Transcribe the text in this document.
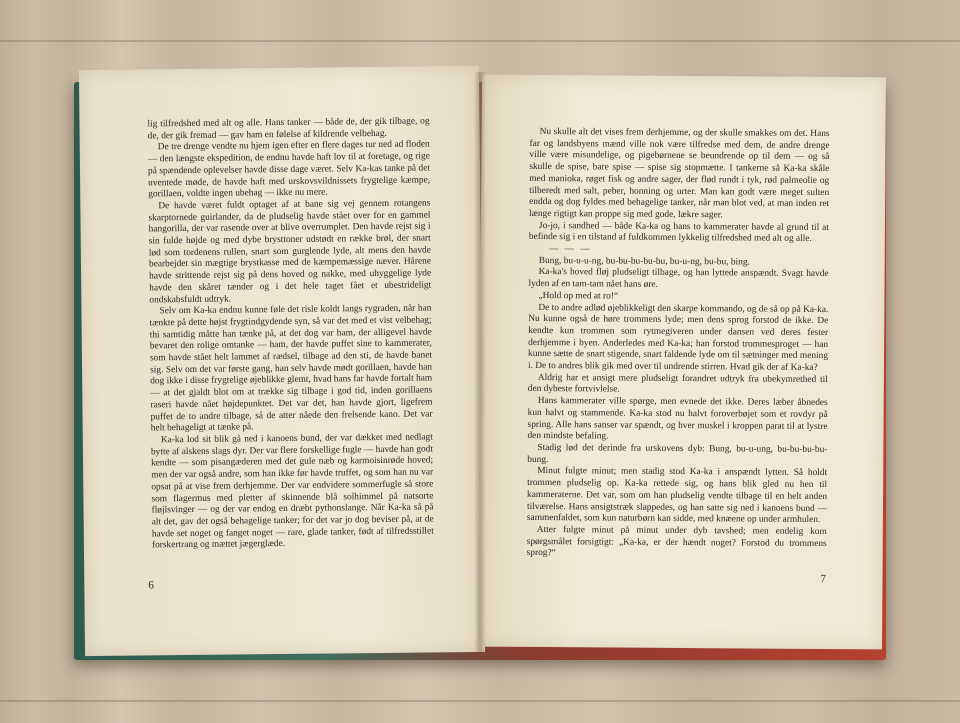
lig tilfredshed med alt og alle. Hans tanker — både de, der gik tilbage, og de, der gik fremad — gav ham en følelse af kildrende velbehag.

De tre drenge vendte nu hjem igen efter en flere dages tur ned ad floden — den længste ekspedition, de endnu havde haft lov til at foretage, og rige på spændende oplevelser havde disse dage været. Selv Ka-kas tanke på det uventede møde, de havde haft med urskovsvildnissets frygtelige kæmpe, gorillaen, voldte ingen ubehag — ikke nu mere.

De havde været fuldt optaget af at bane sig vej gennem rotangens skarptornede guirlander, da de pludselig havde stået over for en gammel hangorilla, der var rasende over at blive overrumplet. Den havde rejst sig i sin fulde højde og med dybe brysttoner udstødt en række brøl, der snart lød som tordenens rullen, snart som gurglende lyde, alt mens den havde bearbejdet sin mægtige brystkasse med de kæmpemæssige næver. Hårene havde strittende rejst sig på dens hoved og nakke, med uhyggelige lyde havde den skåret tænder og i det hele taget fået et ubestrideligt ondskabsfuldt udtryk.

Selv om Ka-ka endnu kunne føle det risle koldt langs rygraden, når han tænkte på dette højst frygtindgydende syn, så var det med et vist velbehag; thi samtidig måtte han tænke på, at det dog var ham, der alligevel havde bevaret den rolige omtanke — ham, der havde puffet sine to kammerater, som havde stået helt lammet af rædsel, tilbage ad den sti, de havde banet sig. Selv om det var første gang, han selv havde mødt gorillaen, havde han dog ikke i disse frygtelige øjeblikke glemt, hvad hans far havde fortalt ham — at det gjaldt blot om at trække sig tilbage i god tid, inden gorillaens raseri havde nået højdepunktet. Det var det, han havde gjort, ligefrem puffet de to andre tilbage, så de atter nåede den frelsende kano. Det var helt behageligt at tænke på.

Ka-ka lod sit blik gå ned i kanoens bund, der var dækket med nedlagt bytte af alskens slags dyr. Der var flere forskellige fugle — havde han godt kendte — som pisangæderen med det gule næb og karmoisinrøde hoved; men der var også andre, som han ikke før havde truffet, og som han nu var opsat på at vise frem derhjemme. Der var endvidere sommerfugle så store som flagermus med pletter af skinnende blå solhimmel på natsorte fløjlsvinger — og der var endog en dræbt pythonslange. Når Ka-ka så på alt det, gav det også behagelige tanker; for det var jo dog beviser på, at de havde set noget og fanget noget — rare, glade tanker, født af tilfredsstillet forskertrang og mættet jægerglæde.

6

Nu skulle alt det vises frem derhjemme, og der skulle smakkes om det. Hans far og landsbyens mænd ville nok være tilfredse med dem, de andre drenge ville være misundelige, og pigebørnene se beundrende op til dem — og så skulle de spise, bare spise — spise sig stopmætte. I tankerne så Ka-ka skåle med manioka, røget fisk og andre sager, der flød rundt i tyk, rød palmeolie og tilberedt med salt, peber, honning og urter. Man kan godt være meget sulten endda og dog fyldes med behagelige tanker, når man blot ved, at man inden ret længe rigtigt kan proppe sig med gode, lækre sager.

Jo-jo, i sandhed — både Ka-ka og hans to kammerater havde al grund til at befinde sig i en tilstand af fuldkommen lykkelig tilfredshed med alt og alle.

— — —

Bung, bu-u-u-ng, bu-bu-bu-bu-bu, bu-u-ng, bu-bu, bing.

Ka-ka's hoved fløj pludseligt tilbage, og han lyttede anspændt. Svagt havde lyden af en tam-tam nået hans øre.

„Hold op med at ro!“

De to andre adlød øjeblikkeligt den skarpe kommando, og de så op på Ka-ka. Nu kunne også de høre trommens lyde; men dens sprog forstod de ikke. De kendte kun trommen som rytmegiveren under dansen ved deres fester derhjemme i byen. Anderledes med Ka-ka; han forstod trommesproget — han kunne sætte de snart stigende, snart faldende lyde om til sætninger med mening i. De to andres blik gik med over til undrende stirren. Hvad gik der af Ka-ka?

Aldrig har et ansigt mere pludseligt forandret udtryk fra ubekymrethed til den dybeste fortvivlelse.

Hans kammerater ville spørge, men evnede det ikke. Deres læber åbnedes kun halvt og stammende. Ka-ka stod nu halvt foroverbøjet som et rovdyr på spring. Alle hans sanser var spændt, og hver muskel i kroppen parat til at lystre den mindste befaling.

Stadig lød det derinde fra urskovens dyb: Bung, bu-u-ung, bu-bu-bu-bu-bung.

Minut fulgte minut; men stadig stod Ka-ka i anspændt lytten. Så holdt trommen pludselig op. Ka-ka rettede sig, og hans blik gled nu hen til kammeraterne. Det var, som om han pludselig vendte tilbage til en helt anden tilværelse. Hans ansigtstræk slappedes, og han satte sig ned i kanoens bund — sammenfaldet, som kun naturbørn kan sidde, med knæene op under armhulen.

Atter fulgte minut på minut under dyb tavshed; men endelig kom spørgsmålet forsigtigt: „Ka-ka, er der hændt noget? Forstod du trommens sprog?“

7
